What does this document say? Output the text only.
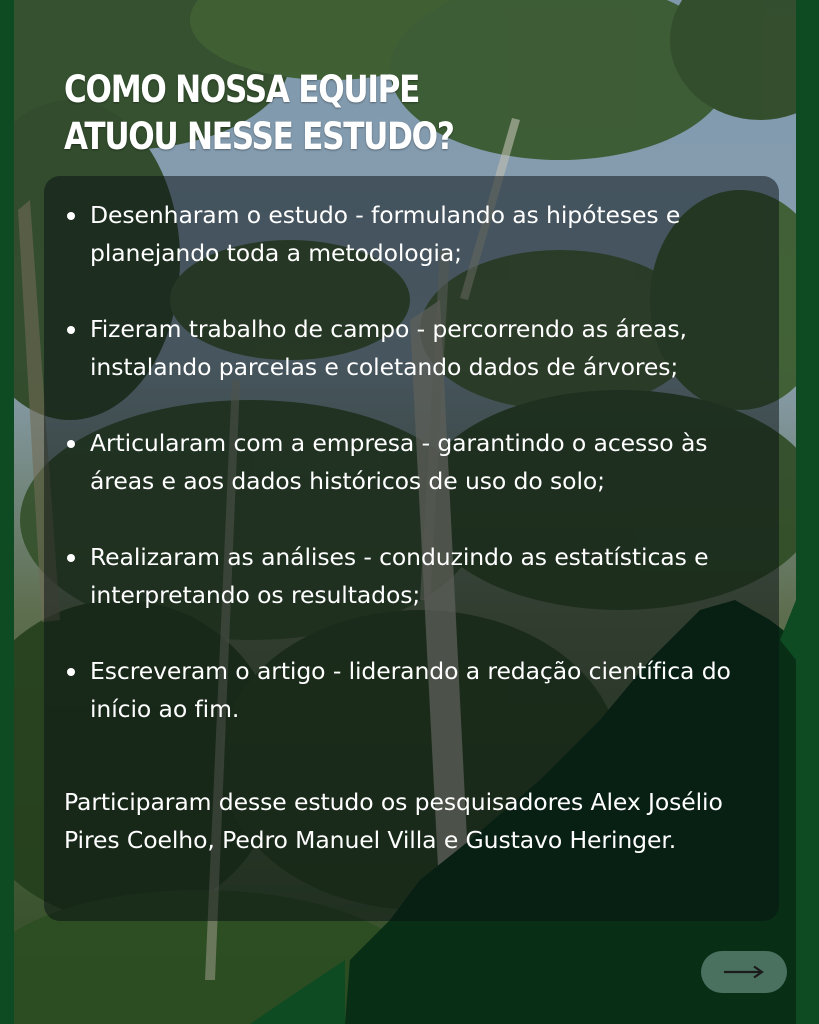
COMO NOSSA EQUIPE
ATUOU NESSE ESTUDO?
Desenharam o estudo - formulando as hipóteses e planejando toda a metodologia;
Fizeram trabalho de campo - percorrendo as áreas, instalando parcelas e coletando dados de árvores;
Articularam com a empresa - garantindo o acesso às áreas e aos dados históricos de uso do solo;
Realizaram as análises - conduzindo as estatísticas e interpretando os resultados;
Escreveram o artigo - liderando a redação científica do início ao fim.

Participaram desse estudo os pesquisadores Alex Josélio Pires Coelho, Pedro Manuel Villa e Gustavo Heringer.
